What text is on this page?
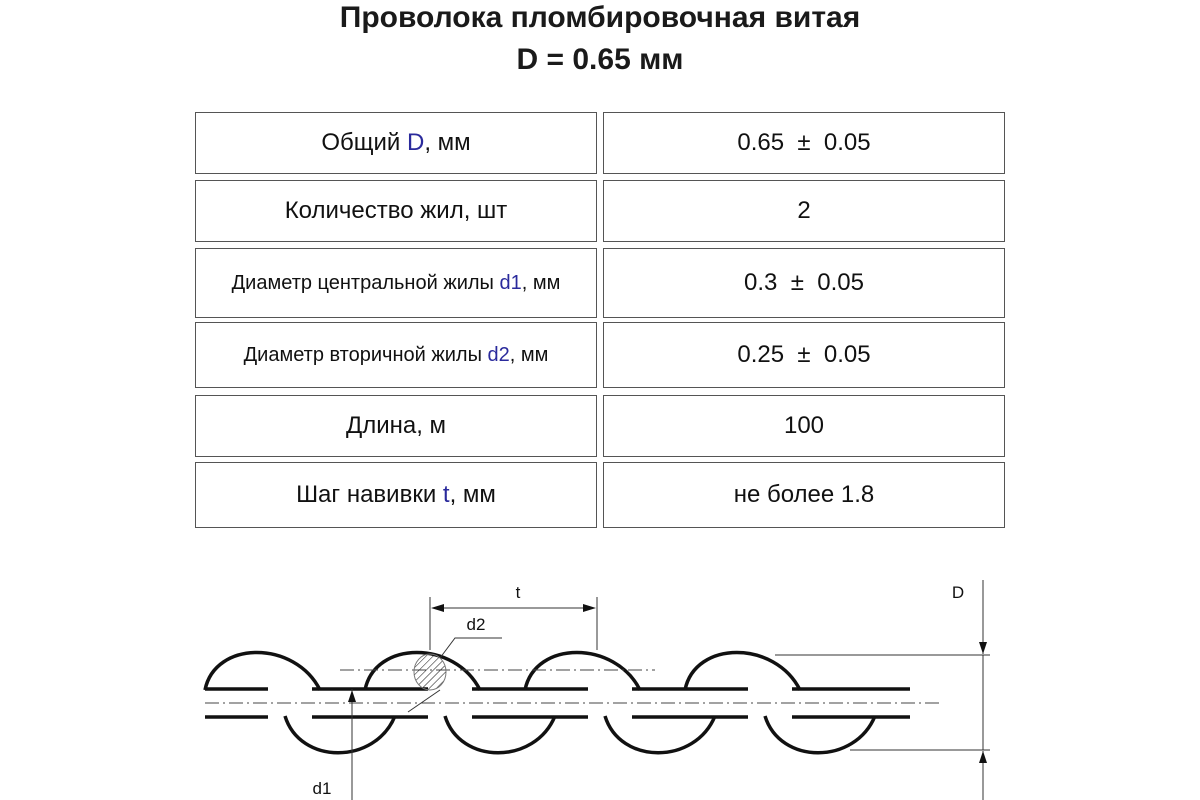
Проволока пломбировочная витая
D = 0.65 мм
Общий D, мм	0.65  ±  0.05
Количество жил, шт	2
Диаметр центральной жилы d1, мм	0.3  ±  0.05
Диаметр вторичной жилы d2, мм	0.25  ±  0.05
Длина, м	100
Шаг навивки t, мм	не более 1.8
t
d2
d1
D
